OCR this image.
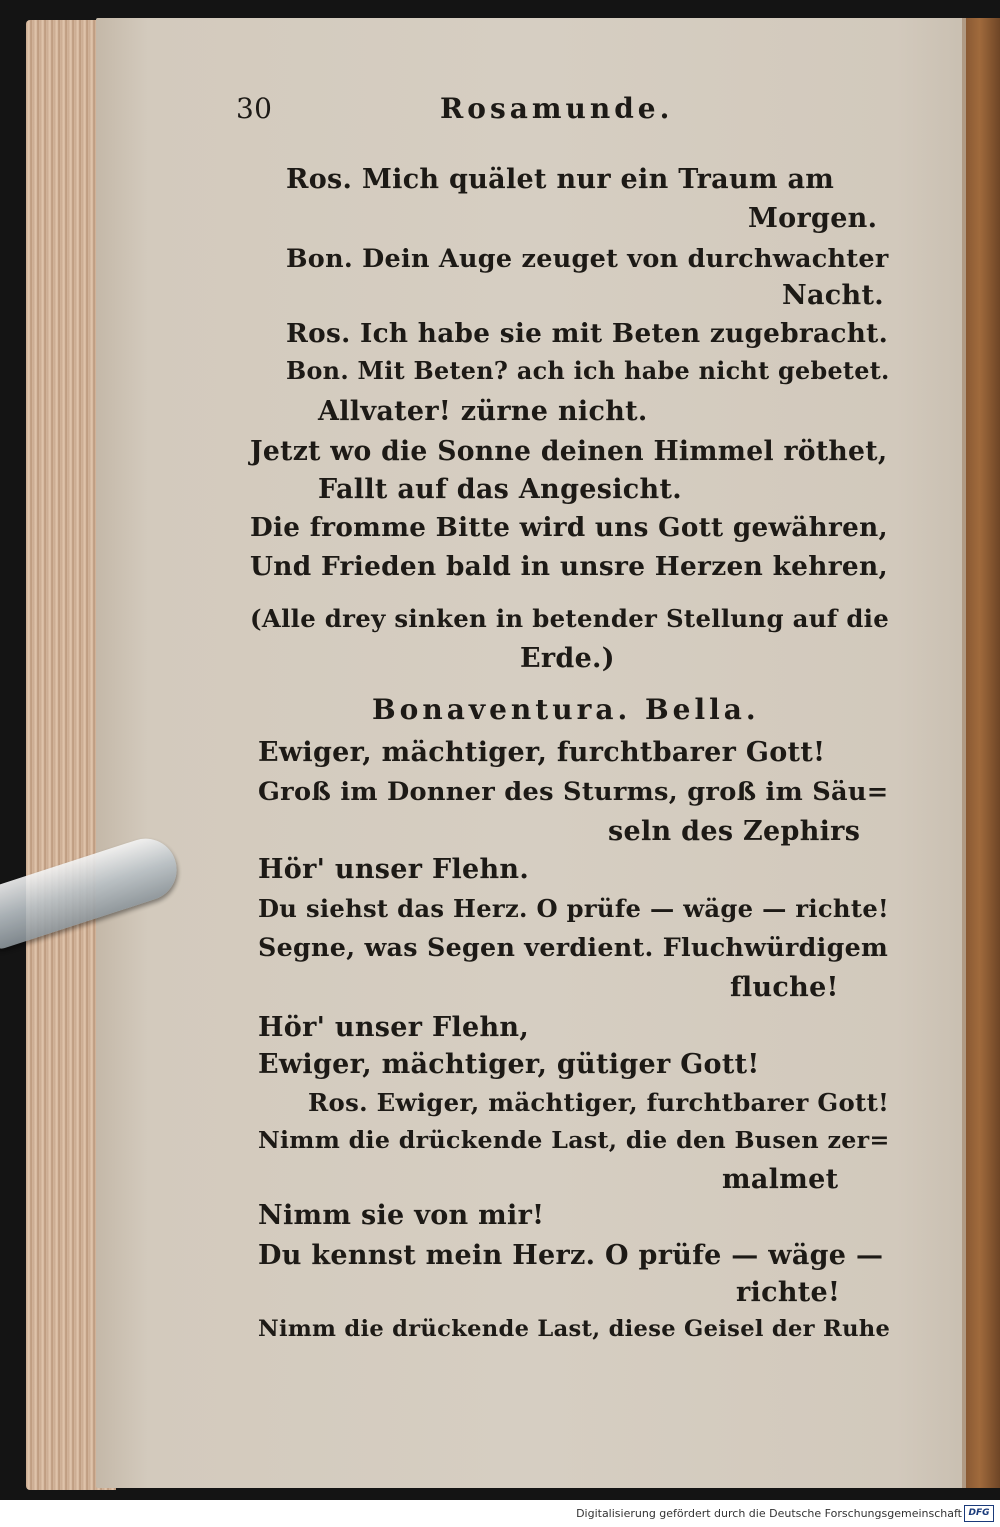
30	Rosamunde.
Ros. Mich quälet nur ein Traum am
Morgen.
Bon. Dein Auge zeuget von durchwachter
Nacht.
Ros. Ich habe sie mit Beten zugebracht.
Bon. Mit Beten? ach ich habe nicht gebetet.
Allvater! zürne nicht.
Jetzt wo die Sonne deinen Himmel röthet,
Fallt auf das Angesicht.
Die fromme Bitte wird uns Gott gewähren,
Und Frieden bald in unsre Herzen kehren,
(Alle drey sinken in betender Stellung auf die
Erde.)
Bonaventura. Bella.
Ewiger, mächtiger, furchtbarer Gott!
Groß im Donner des Sturms, groß im Säu=
seln des Zephirs
Hör' unser Flehn.
Du siehst das Herz. O prüfe — wäge — richte!
Segne, was Segen verdient. Fluchwürdigem
fluche!
Hör' unser Flehn,
Ewiger, mächtiger, gütiger Gott!
Ros. Ewiger, mächtiger, furchtbarer Gott!
Nimm die drückende Last, die den Busen zer=
malmet
Nimm sie von mir!
Du kennst mein Herz. O prüfe — wäge —
richte!
Nimm die drückende Last, diese Geisel der Ruhe
Digitalisierung gefördert durch die Deutsche Forschungsgemeinschaft DFG
